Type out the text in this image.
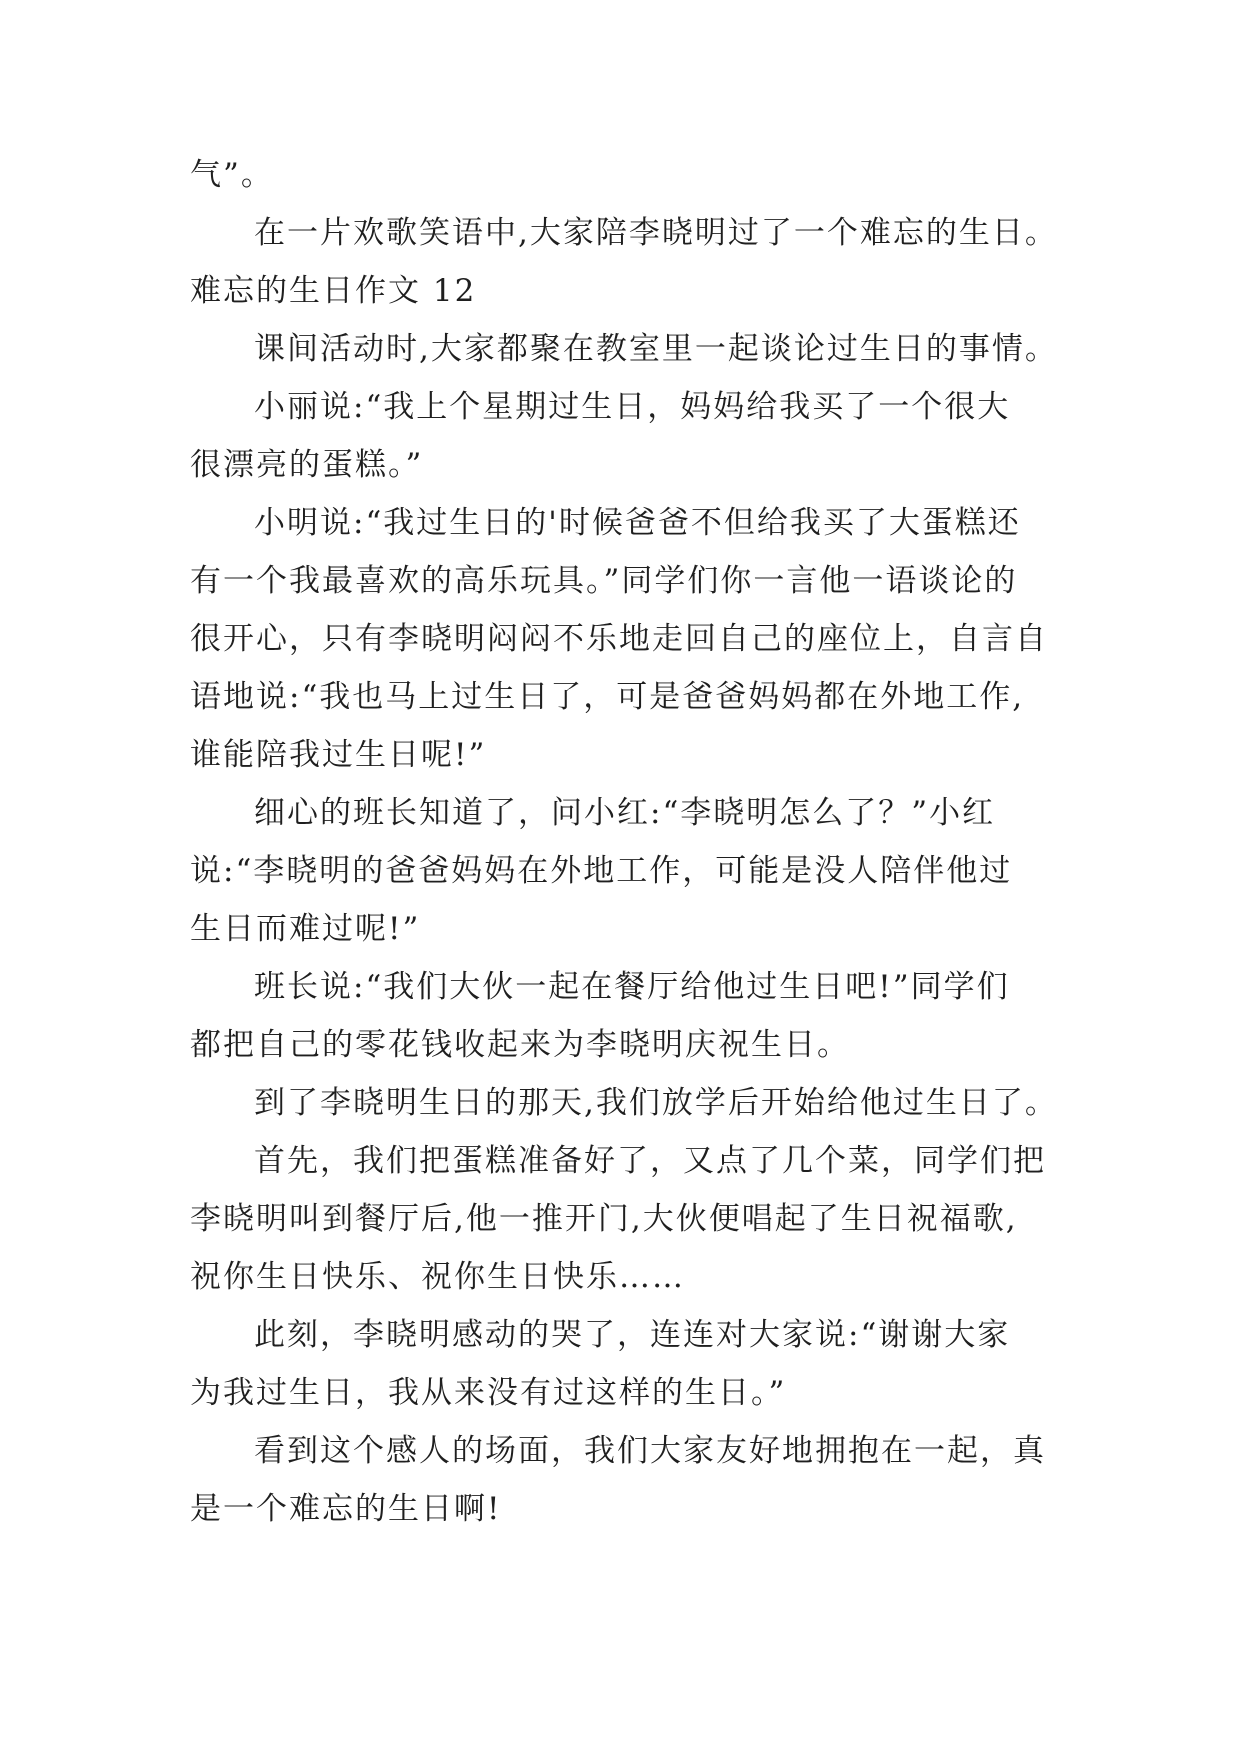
气”。
在一片欢歌笑语中,大家陪李晓明过了一个难忘的生日。
难忘的生日作文 12
课间活动时,大家都聚在教室里一起谈论过生日的事情。
小丽说:“我上个星期过生日，妈妈给我买了一个很大
很漂亮的蛋糕。”
小明说:“我过生日的'时候爸爸不但给我买了大蛋糕还
有一个我最喜欢的高乐玩具。”同学们你一言他一语谈论的
很开心，只有李晓明闷闷不乐地走回自己的座位上，自言自
语地说:“我也马上过生日了，可是爸爸妈妈都在外地工作,
谁能陪我过生日呢!”
细心的班长知道了，问小红:“李晓明怎么了？”小红
说:“李晓明的爸爸妈妈在外地工作，可能是没人陪伴他过
生日而难过呢!”
班长说:“我们大伙一起在餐厅给他过生日吧!”同学们
都把自己的零花钱收起来为李晓明庆祝生日。
到了李晓明生日的那天,我们放学后开始给他过生日了。
首先，我们把蛋糕准备好了，又点了几个菜，同学们把
李晓明叫到餐厅后,他一推开门,大伙便唱起了生日祝福歌,
祝你生日快乐、祝你生日快乐……
此刻，李晓明感动的哭了，连连对大家说:“谢谢大家
为我过生日，我从来没有过这样的生日。”
看到这个感人的场面，我们大家友好地拥抱在一起，真
是一个难忘的生日啊!
